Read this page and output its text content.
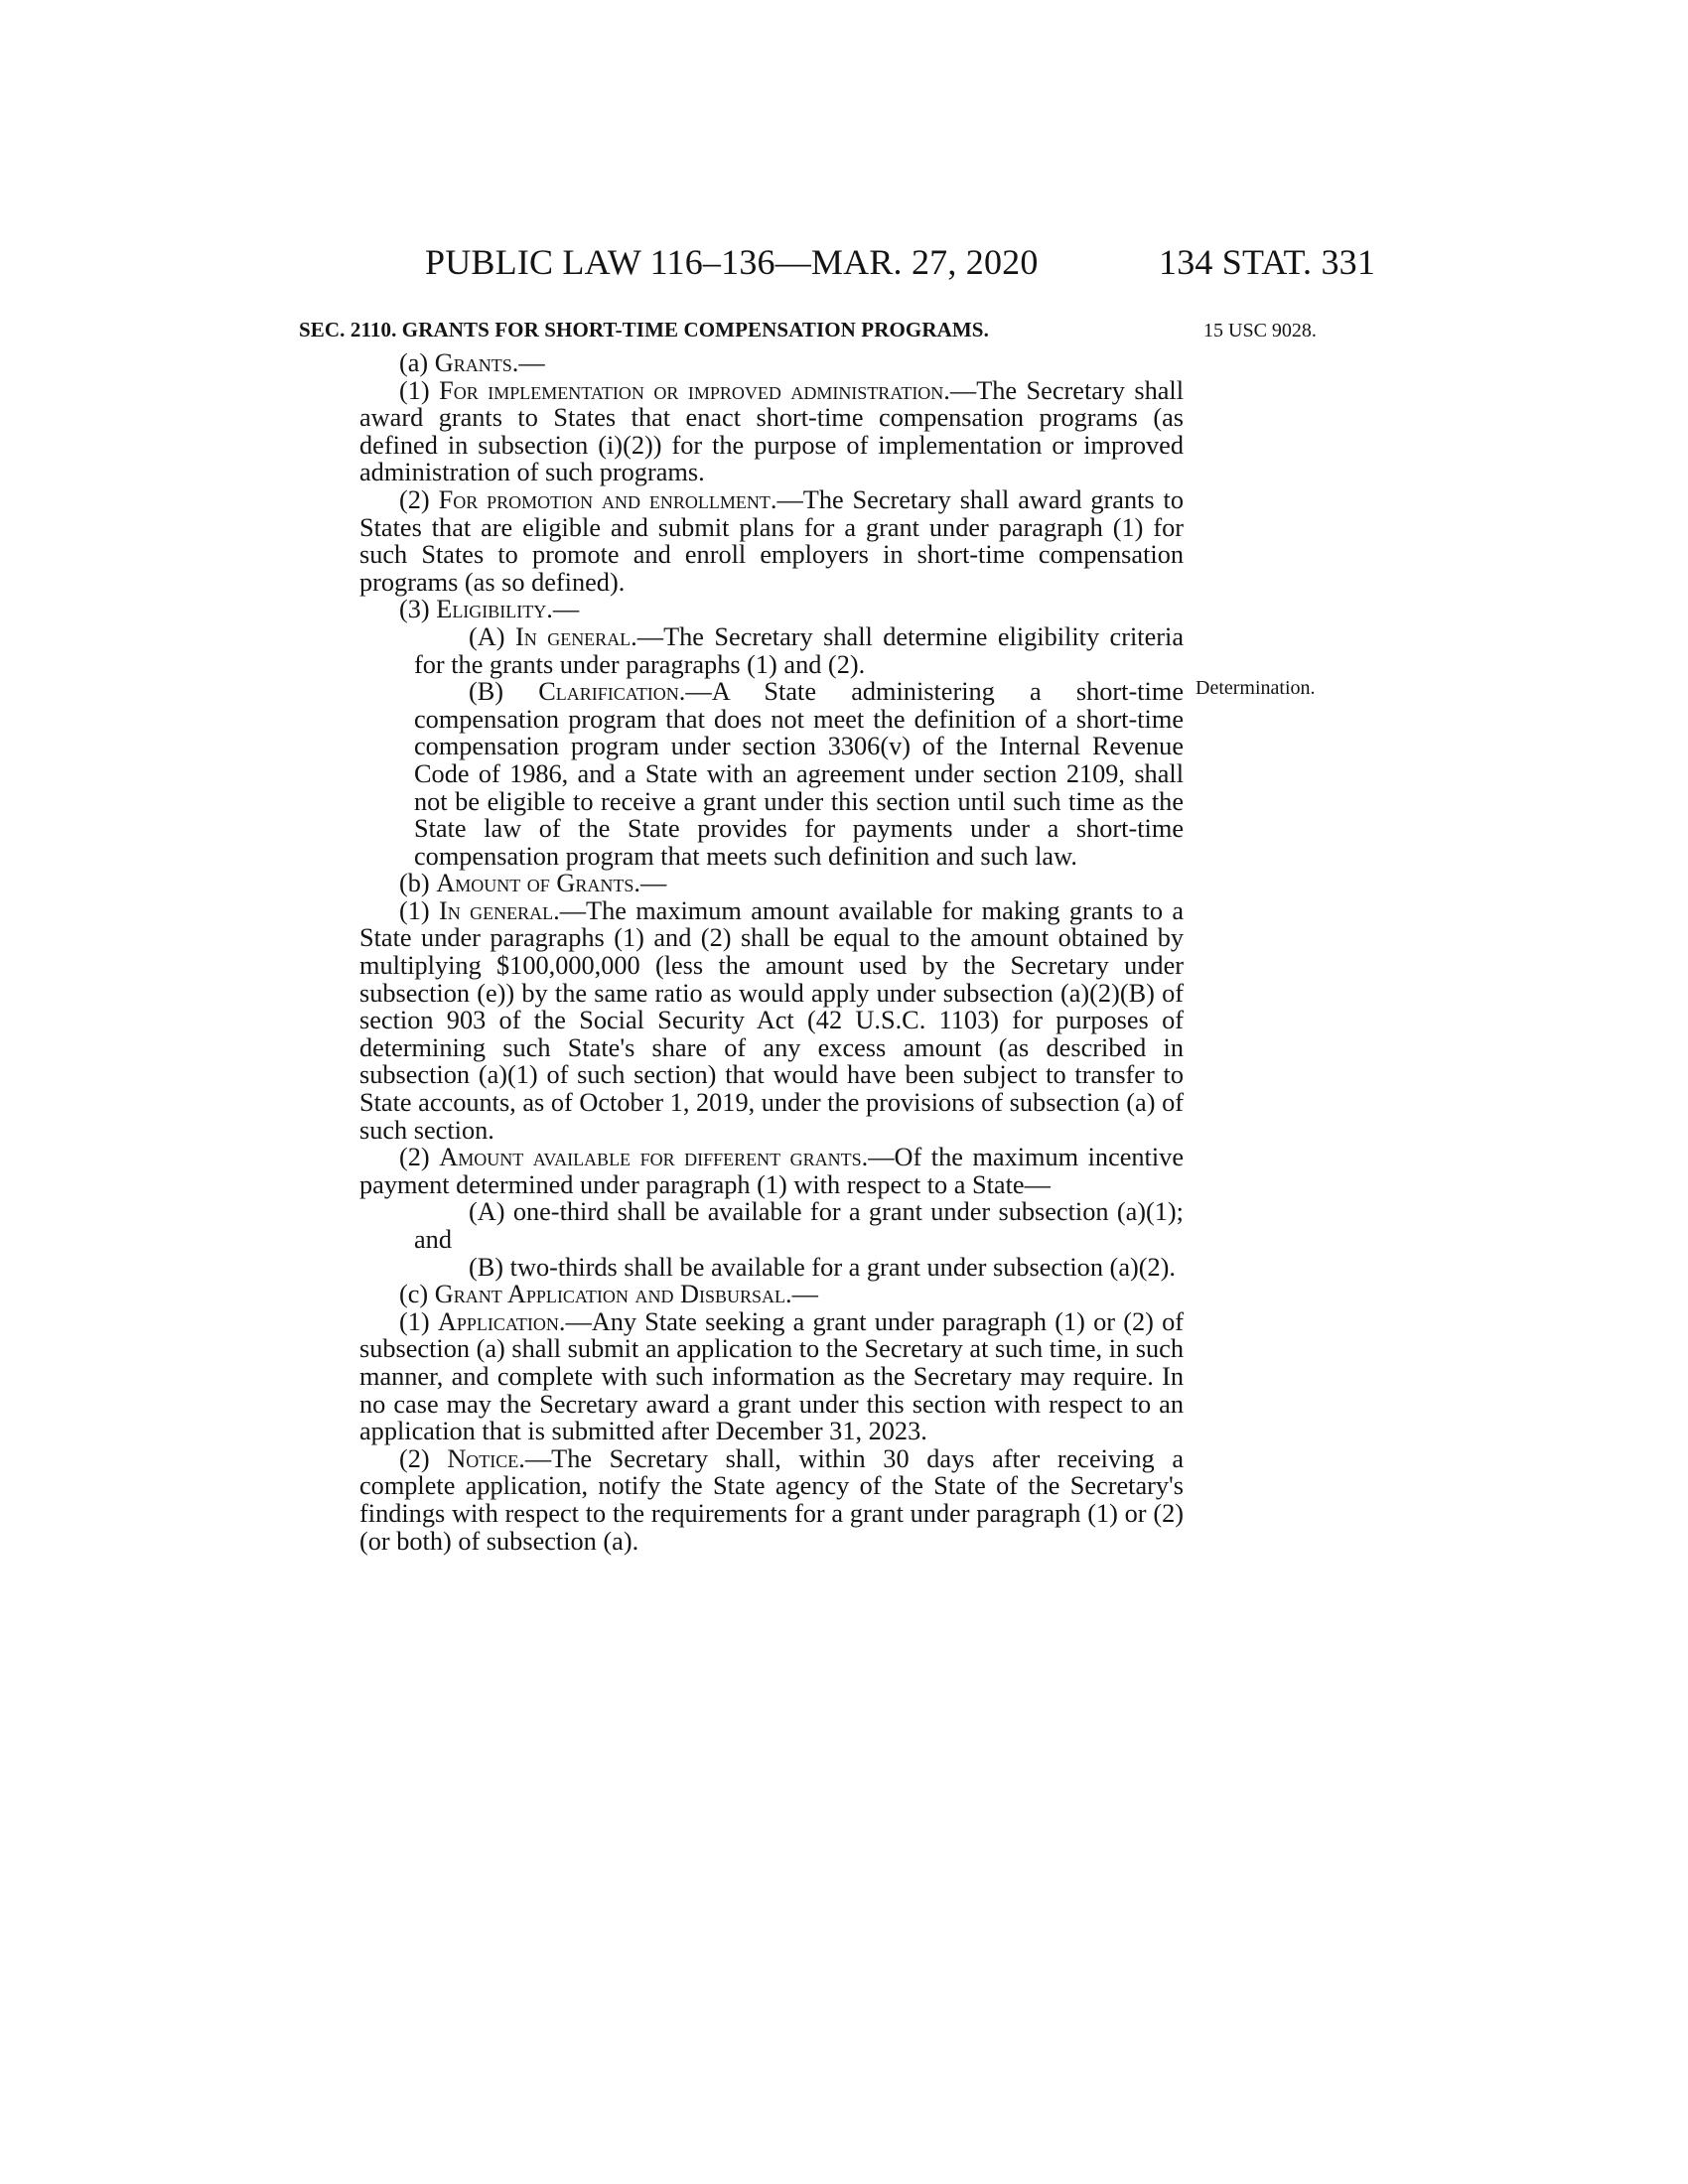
PUBLIC LAW 116–136—MAR. 27, 2020	134 STAT. 331
SEC. 2110. GRANTS FOR SHORT-TIME COMPENSATION PROGRAMS.	15 USC 9028.
Determination.

(a) Grants.—

(1) For implementation or improved administration.—The Secretary shall award grants to States that enact short-time compensation programs (as defined in subsection (i)(2)) for the purpose of implementation or improved administration of such programs.

(2) For promotion and enrollment.—The Secretary shall award grants to States that are eligible and submit plans for a grant under paragraph (1) for such States to promote and enroll employers in short-time compensation programs (as so defined).

(3) Eligibility.—

(A) In general.—The Secretary shall determine eligibility criteria for the grants under paragraphs (1) and (2).

(B) Clarification.—A State administering a short-time compensation program that does not meet the definition of a short-time compensation program under section 3306(v) of the Internal Revenue Code of 1986, and a State with an agreement under section 2109, shall not be eligible to receive a grant under this section until such time as the State law of the State provides for payments under a short-time compensation program that meets such definition and such law.

(b) Amount of Grants.—

(1) In general.—The maximum amount available for making grants to a State under paragraphs (1) and (2) shall be equal to the amount obtained by multiplying $100,000,000 (less the amount used by the Secretary under subsection (e)) by the same ratio as would apply under subsection (a)(2)(B) of section 903 of the Social Security Act (42 U.S.C. 1103) for purposes of determining such State's share of any excess amount (as described in subsection (a)(1) of such section) that would have been subject to transfer to State accounts, as of October 1, 2019, under the provisions of subsection (a) of such section.

(2) Amount available for different grants.—Of the maximum incentive payment determined under paragraph (1) with respect to a State—

(A) one-third shall be available for a grant under subsection (a)(1); and

(B) two-thirds shall be available for a grant under subsection (a)(2).

(c) Grant Application and Disbursal.—

(1) Application.—Any State seeking a grant under paragraph (1) or (2) of subsection (a) shall submit an application to the Secretary at such time, in such manner, and complete with such information as the Secretary may require. In no case may the Secretary award a grant under this section with respect to an application that is submitted after December 31, 2023.

(2) Notice.—The Secretary shall, within 30 days after receiving a complete application, notify the State agency of the State of the Secretary's findings with respect to the requirements for a grant under paragraph (1) or (2) (or both) of subsection (a).
